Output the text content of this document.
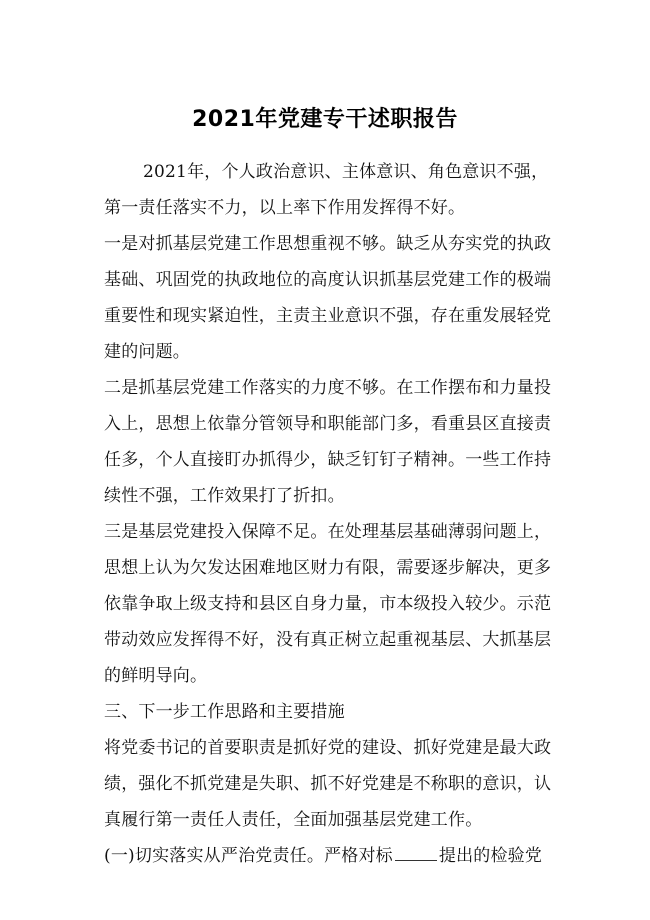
2021年党建专干述职报告
2021年，个人政治意识、主体意识、角色意识不强，
第一责任落实不力，以上率下作用发挥得不好。
一是对抓基层党建工作思想重视不够。缺乏从夯实党的执政
基础、巩固党的执政地位的高度认识抓基层党建工作的极端
重要性和现实紧迫性，主责主业意识不强，存在重发展轻党
建的问题。
二是抓基层党建工作落实的力度不够。在工作摆布和力量投
入上，思想上依靠分管领导和职能部门多，看重县区直接责
任多，个人直接盯办抓得少，缺乏钉钉子精神。一些工作持
续性不强，工作效果打了折扣。
三是基层党建投入保障不足。在处理基层基础薄弱问题上，
思想上认为欠发达困难地区财力有限，需要逐步解决，更多
依靠争取上级支持和县区自身力量，市本级投入较少。示范
带动效应发挥得不好，没有真正树立起重视基层、大抓基层
的鲜明导向。
三、下一步工作思路和主要措施
将党委书记的首要职责是抓好党的建设、抓好党建是最大政
绩，强化不抓党建是失职、抓不好党建是不称职的意识，认
真履行第一责任人责任，全面加强基层党建工作。
(一)切实落实从严治党责任。严格对标	提出的检验党
